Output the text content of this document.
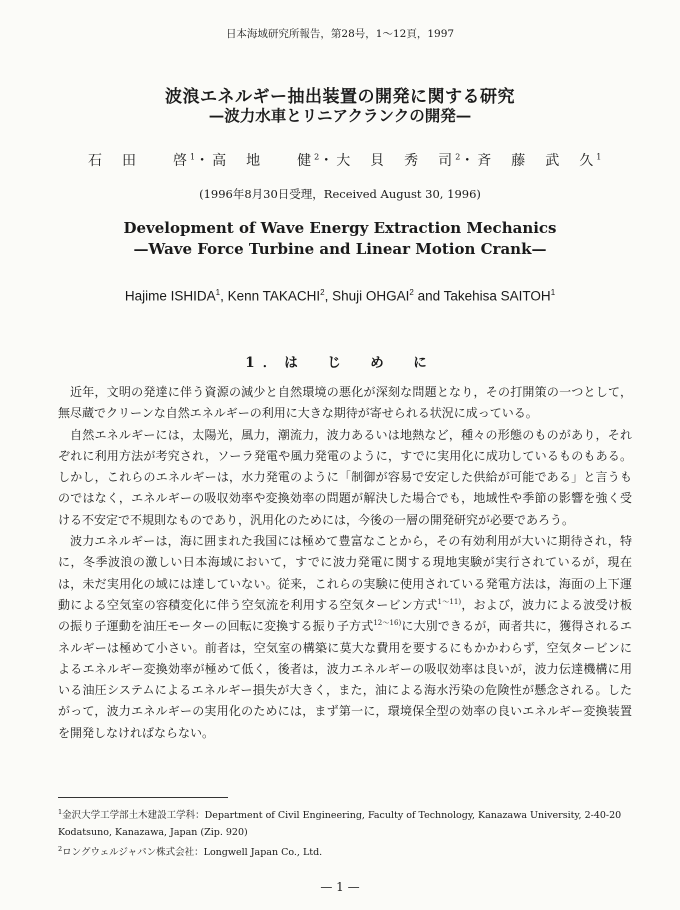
日本海域研究所報告，第28号，1〜12頁，1997
波浪エネルギー抽出装置の開発に関する研究
—波力水車とリニアクランクの開発—
石　田　　啓$^1$・高　地　　健$^2$・大　貝　秀　司$^2$・斉　藤　武　久$^1$
(1996年8月30日受理，Received August 30, 1996)
Development of Wave Energy Extraction Mechanics
—Wave Force Turbine and Linear Motion Crank—
Hajime ISHIDA$^1$, Kenn TAKACHI$^2$, Shuji OHGAI$^2$ and Takehisa SAITOH$^1$
1．は　じ　め　に

近年，文明の発達に伴う資源の減少と自然環境の悪化が深刻な問題となり，その打開策の一つとして，無尽蔵でクリーンな自然エネルギーの利用に大きな期待が寄せられる状況に成っている。

自然エネルギーには，太陽光，風力，潮流力，波力あるいは地熱など，種々の形態のものがあり，それぞれに利用方法が考究され，ソーラ発電や風力発電のように，すでに実用化に成功しているものもある。しかし，これらのエネルギーは，水力発電のように「制御が容易で安定した供給が可能である」と言うものではなく，エネルギーの吸収効率や変換効率の問題が解決した場合でも，地域性や季節の影響を強く受ける不安定で不規則なものであり，汎用化のためには，今後の一層の開発研究が必要であろう。

波力エネルギーは，海に囲まれた我国には極めて豊富なことから，その有効利用が大いに期待され，特に，冬季波浪の激しい日本海域において，すでに波力発電に関する現地実験が実行されているが，現在は，未だ実用化の域には達していない。従来，これらの実験に使用されている発電方法は，海面の上下運動による空気室の容積変化に伴う空気流を利用する空気タービン方式$^{1〜11)}$，および，波力による波受け板の振り子運動を油圧モーターの回転に変換する振り子方式$^{12〜16)}$に大別できるが，両者共に，獲得されるエネルギーは極めて小さい。前者は，空気室の構築に莫大な費用を要するにもかかわらず，空気タービンによるエネルギー変換効率が極めて低く，後者は，波力エネルギーの吸収効率は良いが，波力伝達機構に用いる油圧システムによるエネルギー損失が大きく，また，油による海水汚染の危険性が懸念される。したがって，波力エネルギーの実用化のためには，まず第一に，環境保全型の効率の良いエネルギー変換装置を開発しなければならない。

$^1$金沢大学工学部土木建設工学科：Department of Civil Engineering, Faculty of Technology, Kanazawa University, 2-40-20 Kodatsuno, Kanazawa, Japan (Zip. 920)

$^2$ロングウェルジャパン株式会社：Longwell Japan Co., Ltd.

— 1 —
